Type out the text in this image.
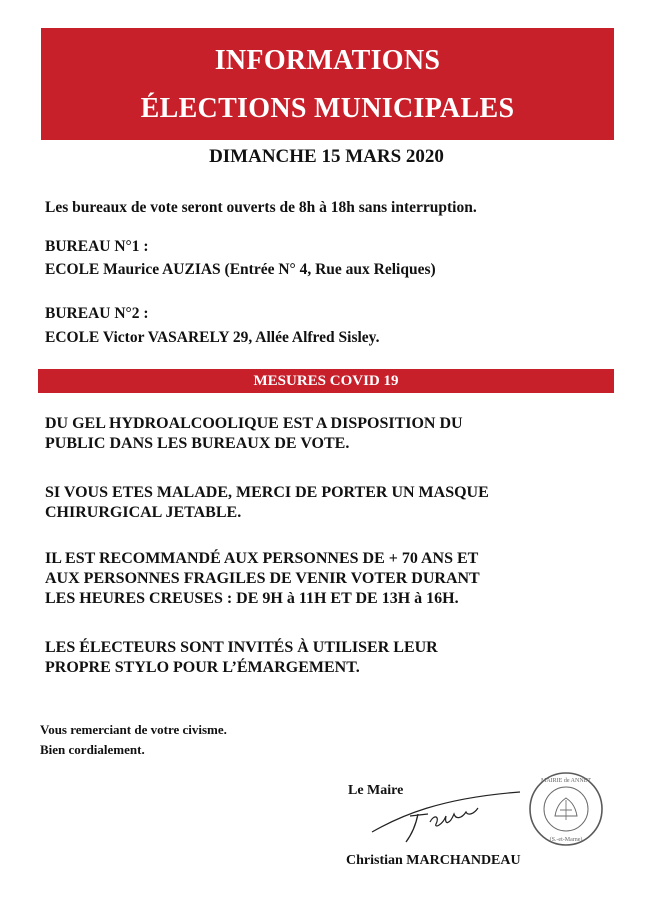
INFORMATIONS
ÉLECTIONS MUNICIPALES
DIMANCHE 15 MARS 2020
Les bureaux de vote seront ouverts de 8h à 18h sans interruption.
BUREAU N°1 :
ECOLE Maurice AUZIAS (Entrée N° 4, Rue aux Reliques)
BUREAU N°2 :
ECOLE Victor VASARELY 29, Allée Alfred Sisley.
MESURES COVID 19
DU GEL HYDROALCOOLIQUE EST A DISPOSITION DU
PUBLIC DANS LES BUREAUX DE VOTE.
SI VOUS ETES MALADE, MERCI DE PORTER UN MASQUE
CHIRURGICAL JETABLE.
IL EST RECOMMANDÉ AUX PERSONNES DE + 70 ANS ET
AUX PERSONNES FRAGILES DE VENIR VOTER DURANT
LES HEURES CREUSES : DE 9H à 11H ET DE 13H à 16H.
LES ÉLECTEURS SONT INVITÉS À UTILISER LEUR
PROPRE STYLO POUR L’ÉMARGEMENT.
Vous remerciant de votre civisme.
Bien cordialement.
Le Maire
Christian MARCHANDEAU
MAIRIE de ANNET
(S.-et-Marne)
